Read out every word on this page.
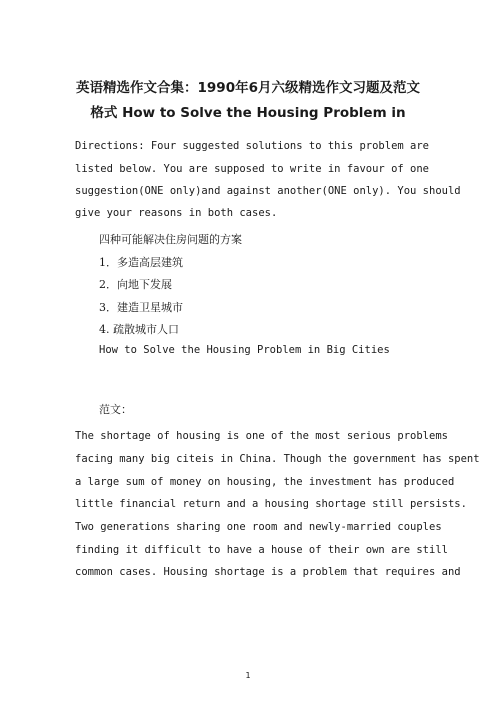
英语精选作文合集：1990年6月六级精选作文习题及范文
格式 How to Solve the Housing Problem in
Directions: Four suggested solutions to this problem are
listed below. You are supposed to write in favour of one
suggestion(ONE only)and against another(ONE only). You should
give your reasons in both cases.
四种可能解决住房问题的方案
1．多造高层建筑
2．向地下发展
3．建造卫星城市
4. 疏散城市人口
How to Solve the Housing Problem in Big Cities
范文：
The shortage of housing is one of the most serious problems
facing many big citeis in China. Though the government has spent
a large sum of money on housing, the investment has produced
little financial return and a housing shortage still persists.
Two generations sharing one room and newly-married couples
finding it difficult to have a house of their own are still
common cases. Housing shortage is a problem that requires and
1
